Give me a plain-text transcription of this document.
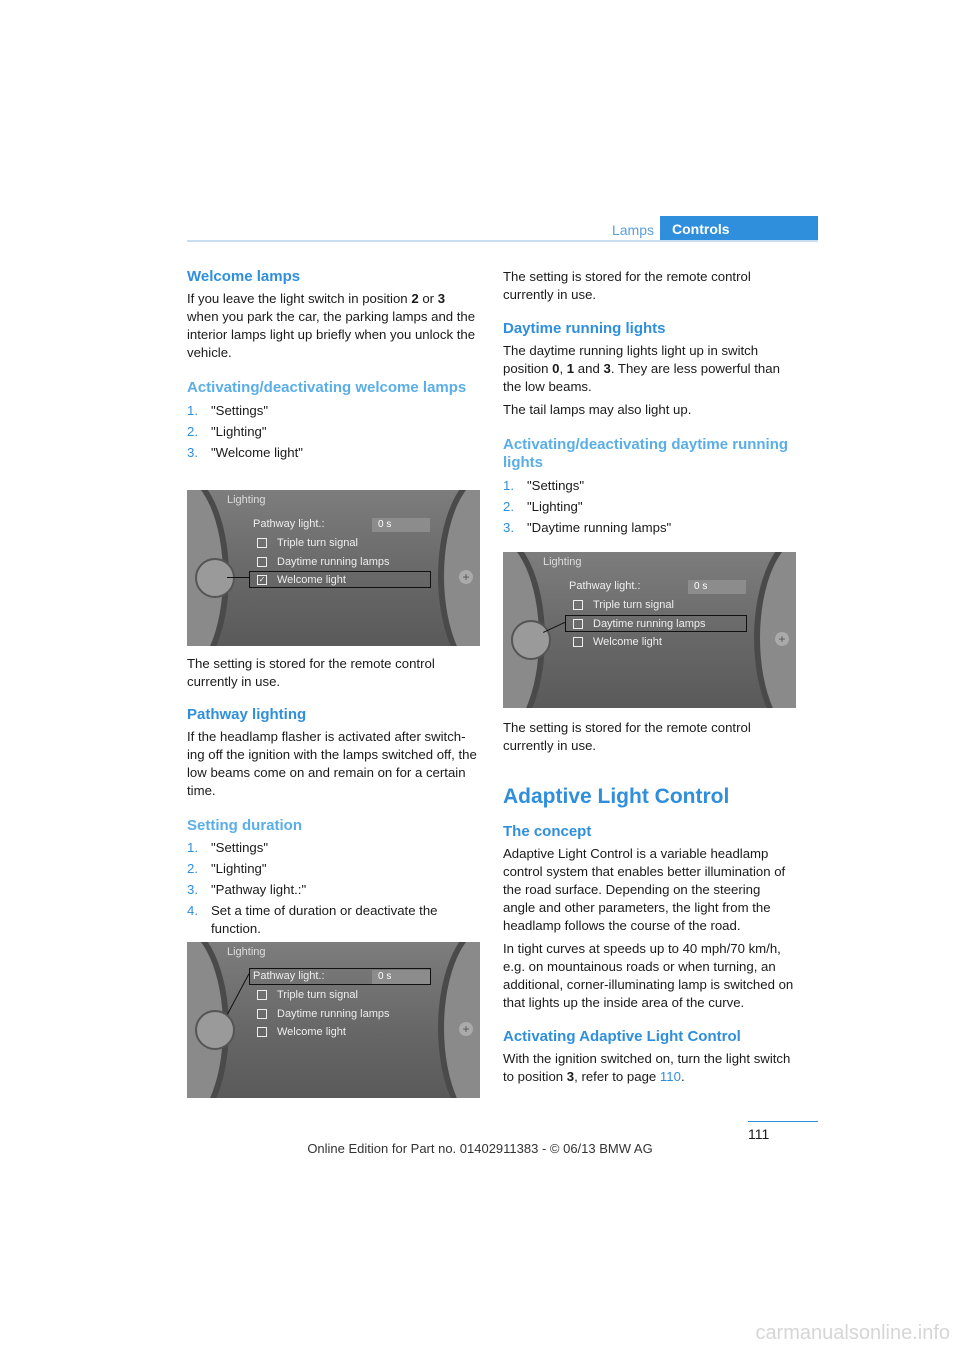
Lamps	Controls
Welcome lamps

If you leave the light switch in position 2 or 3 when you park the car, the parking lamps and the interior lamps light up briefly when you unlock the vehicle.

Activating/deactivating welcome lamps
1. "Settings"
2. "Lighting"
3. "Welcome light"
+
Lighting
Pathway light.:	0 s
Triple turn signal
Daytime running lamps
✓ Welcome light

The setting is stored for the remote control currently in use.

Pathway lighting

If the headlamp flasher is activated after switch-ing off the ignition with the lamps switched off, the low beams come on and remain on for a certain time.

Setting duration
1. "Settings"
2. "Lighting"
3. "Pathway light.:"
4. Set a time of duration or deactivate the function.
+
Lighting
Pathway light.:	0 s
Triple turn signal
Daytime running lamps
Welcome light

The setting is stored for the remote control currently in use.

Daytime running lights

The daytime running lights light up in switch position 0, 1 and 3. They are less powerful than the low beams.

The tail lamps may also light up.

Activating/deactivating daytime running lights
1. "Settings"
2. "Lighting"
3. "Daytime running lamps"
+
Lighting
Pathway light.:	0 s
Triple turn signal
Daytime running lamps
Welcome light

The setting is stored for the remote control currently in use.

Adaptive Light Control
The concept

Adaptive Light Control is a variable headlamp control system that enables better illumination of the road surface. Depending on the steering angle and other parameters, the light from the headlamp follows the course of the road.

In tight curves at speeds up to 40 mph/70 km/h, e.g. on mountainous roads or when turning, an additional, corner-illuminating lamp is switched on that lights up the inside area of the curve.

Activating Adaptive Light Control

With the ignition switched on, turn the light switch to position 3, refer to page 110.

111
Online Edition for Part no. 01402911383 - © 06/13 BMW AG
carmanualsonline.info
